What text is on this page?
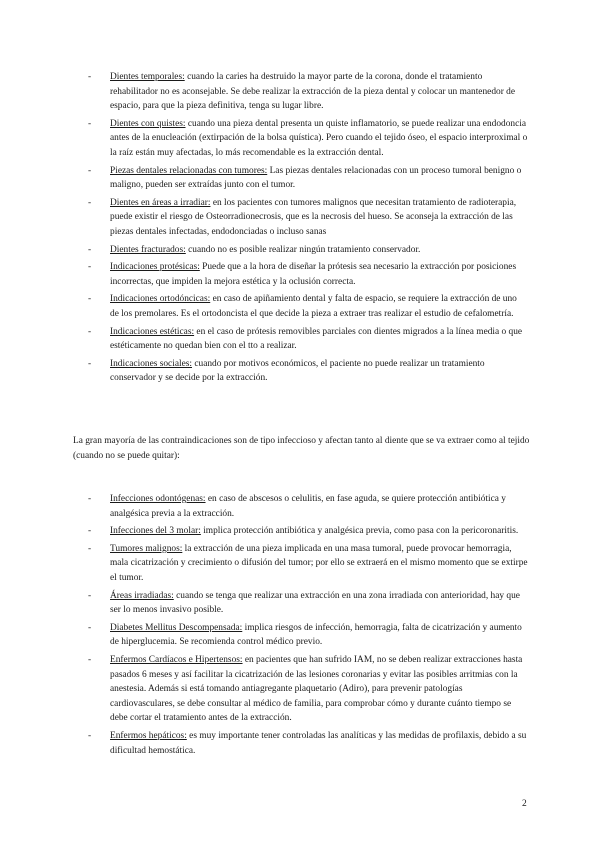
- Dientes temporales: cuando la caries ha destruido la mayor parte de la corona, donde el tratamiento rehabilitador no es aconsejable. Se debe realizar la extracción de la pieza dental y colocar un mantenedor de espacio, para que la pieza definitiva, tenga su lugar libre.
- Dientes con quistes: cuando una pieza dental presenta un quiste inflamatorio, se puede realizar una endodoncia antes de la enucleación (extirpación de la bolsa quística). Pero cuando el tejido óseo, el espacio interproximal o la raíz están muy afectadas, lo más recomendable es la extracción dental.
- Piezas dentales relacionadas con tumores: Las piezas dentales relacionadas con un proceso tumoral benigno o maligno, pueden ser extraídas junto con el tumor.
- Dientes en áreas a irradiar: en los pacientes con tumores malignos que necesitan tratamiento de radioterapia, puede existir el riesgo de Osteorradionecrosis, que es la necrosis del hueso. Se aconseja la extracción de las piezas dentales infectadas, endodonciadas o incluso sanas
- Dientes fracturados: cuando no es posible realizar ningún tratamiento conservador.
- Indicaciones protésicas: Puede que a la hora de diseñar la prótesis sea necesario la extracción por posiciones incorrectas, que impiden la mejora estética y la oclusión correcta.
- Indicaciones ortodóncicas: en caso de apiñamiento dental y falta de espacio, se requiere la extracción de uno de los premolares. Es el ortodoncista el que decide la pieza a extraer tras realizar el estudio de cefalometría.
- Indicaciones estéticas: en el caso de prótesis removibles parciales con dientes migrados a la línea media o que estéticamente no quedan bien con el tto a realizar.
- Indicaciones sociales: cuando por motivos económicos, el paciente no puede realizar un tratamiento conservador y se decide por la extracción.

La gran mayoría de las contraindicaciones son de tipo infeccioso y afectan tanto al diente que se va extraer como al tejido (cuando no se puede quitar):

- Infecciones odontógenas: en caso de abscesos o celulitis, en fase aguda, se quiere protección antibiótica y analgésica previa a la extracción.
- Infecciones del 3 molar: implica protección antibiótica y analgésica previa, como pasa con la pericoronaritis.
- Tumores malignos: la extracción de una pieza implicada en una masa tumoral, puede provocar hemorragia, mala cicatrización y crecimiento o difusión del tumor; por ello se extraerá en el mismo momento que se extirpe el tumor.
- Áreas irradiadas: cuando se tenga que realizar una extracción en una zona irradiada con anterioridad, hay que ser lo menos invasivo posible.
- Diabetes Mellitus Descompensada: implica riesgos de infección, hemorragia, falta de cicatrización y aumento de hiperglucemia. Se recomienda control médico previo.
- Enfermos Cardíacos e Hipertensos: en pacientes que han sufrido IAM, no se deben realizar extracciones hasta pasados 6 meses y así facilitar la cicatrización de las lesiones coronarias y evitar las posibles arritmias con la anestesia. Además si está tomando antiagregante plaquetario (Adiro), para prevenir patologías cardiovasculares, se debe consultar al médico de familia, para comprobar cómo y durante cuánto tiempo se debe cortar el tratamiento antes de la extracción.
- Enfermos hepáticos: es muy importante tener controladas las analíticas y las medidas de profilaxis, debido a su dificultad hemostática.
2
